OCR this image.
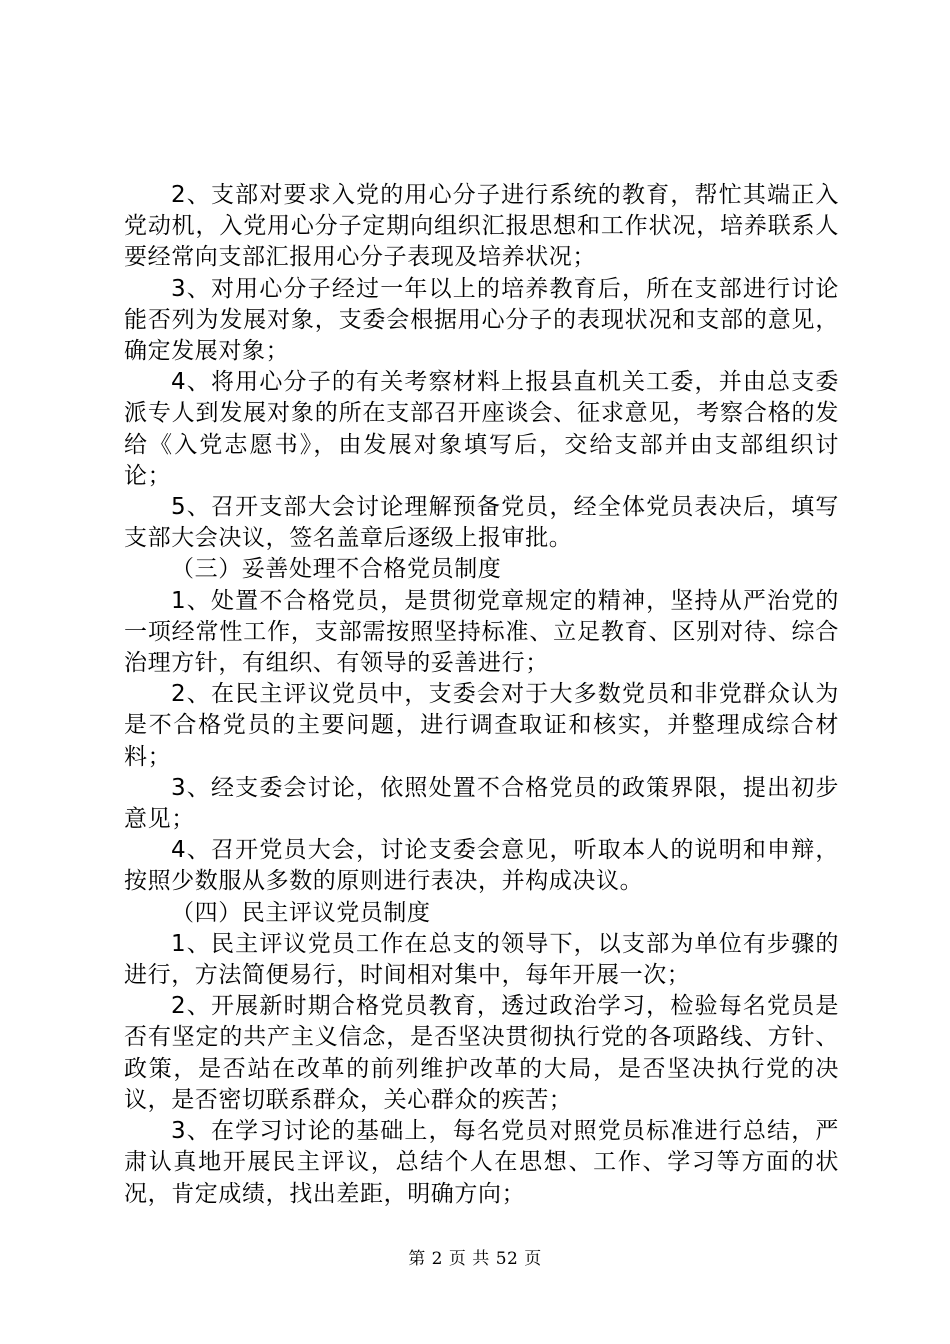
2、支部对要求入党的用心分子进行系统的教育，帮忙其端正入党动机，入党用心分子定期向组织汇报思想和工作状况，培养联系人要经常向支部汇报用心分子表现及培养状况；

3、对用心分子经过一年以上的培养教育后，所在支部进行讨论能否列为发展对象，支委会根据用心分子的表现状况和支部的意见，确定发展对象；

4、将用心分子的有关考察材料上报县直机关工委，并由总支委派专人到发展对象的所在支部召开座谈会、征求意见，考察合格的发给《入党志愿书》，由发展对象填写后，交给支部并由支部组织讨论；

5、召开支部大会讨论理解预备党员，经全体党员表决后，填写支部大会决议，签名盖章后逐级上报审批。

（三）妥善处理不合格党员制度

1、处置不合格党员，是贯彻党章规定的精神，坚持从严治党的一项经常性工作，支部需按照坚持标准、立足教育、区别对待、综合治理方针，有组织、有领导的妥善进行；

2、在民主评议党员中，支委会对于大多数党员和非党群众认为是不合格党员的主要问题，进行调查取证和核实，并整理成综合材料；

3、经支委会讨论，依照处置不合格党员的政策界限，提出初步意见；

4、召开党员大会，讨论支委会意见，听取本人的说明和申辩，按照少数服从多数的原则进行表决，并构成决议。

（四）民主评议党员制度

1、民主评议党员工作在总支的领导下，以支部为单位有步骤的进行，方法简便易行，时间相对集中，每年开展一次；

2、开展新时期合格党员教育，透过政治学习，检验每名党员是否有坚定的共产主义信念，是否坚决贯彻执行党的各项路线、方针、政策，是否站在改革的前列维护改革的大局，是否坚决执行党的决议，是否密切联系群众，关心群众的疾苦；

3、在学习讨论的基础上，每名党员对照党员标准进行总结，严肃认真地开展民主评议，总结个人在思想、工作、学习等方面的状况，肯定成绩，找出差距，明确方向；

第 2 页 共 52 页
